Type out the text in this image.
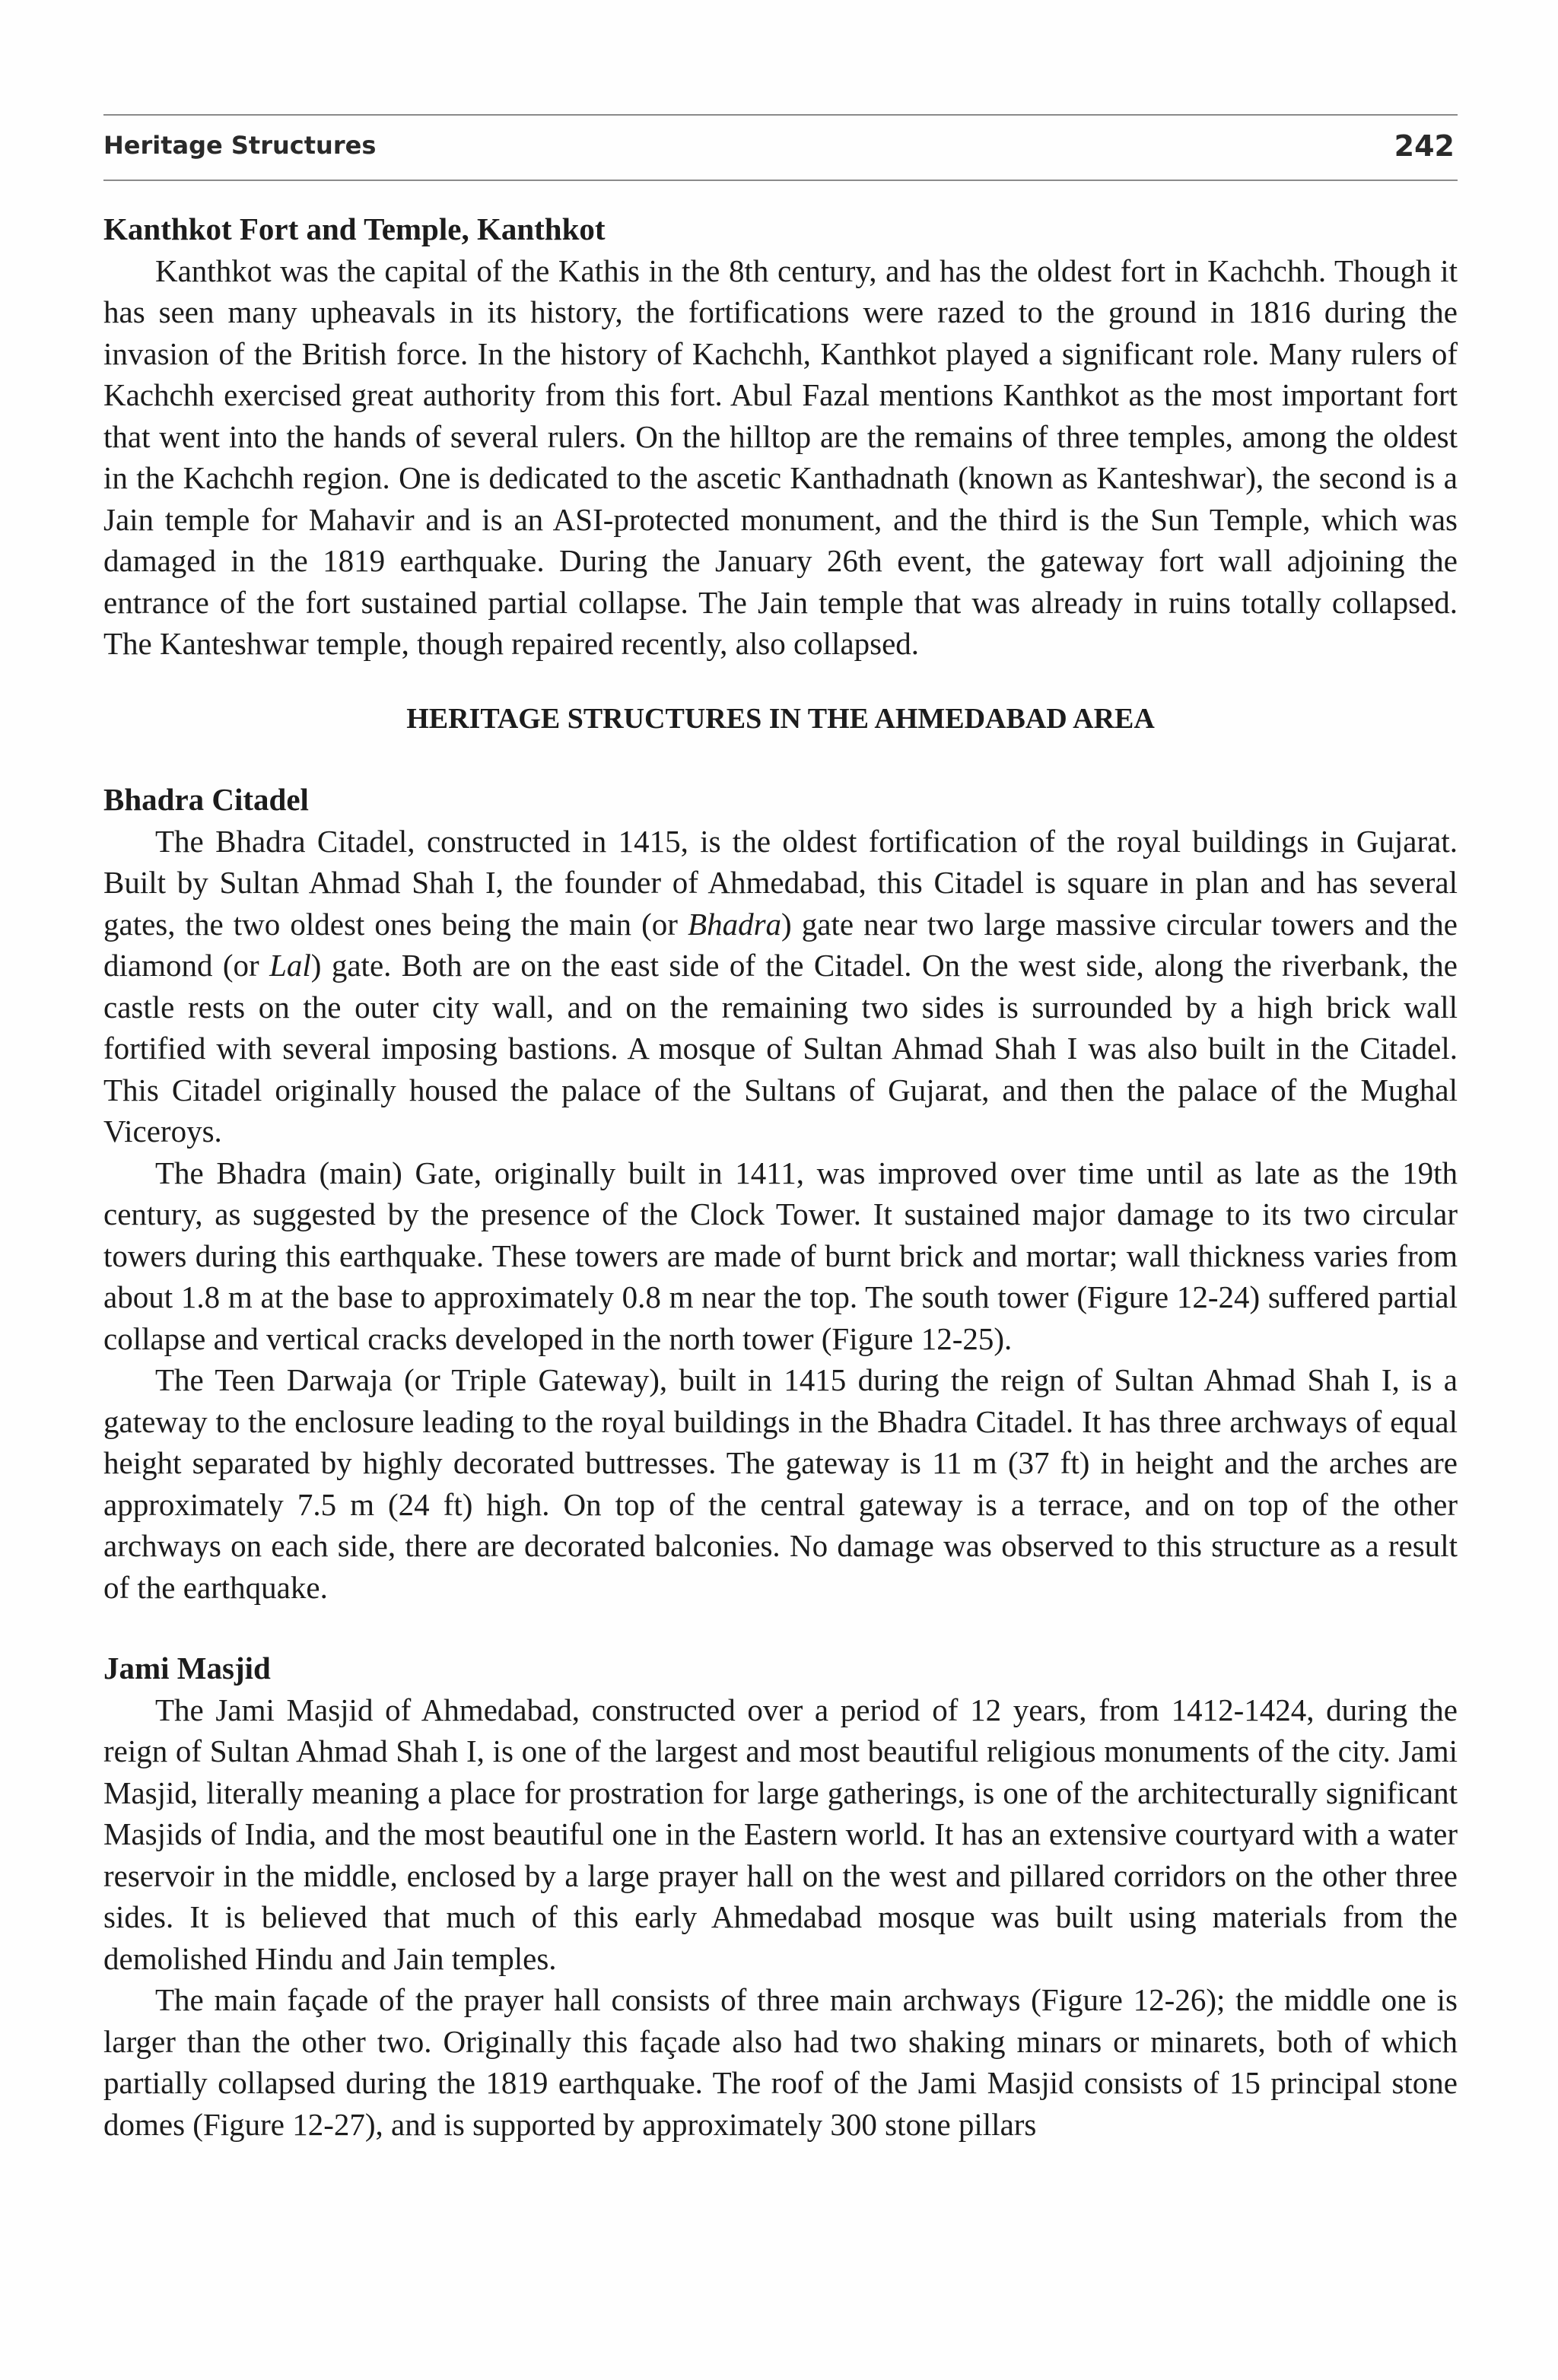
Heritage Structures	242
Kanthkot Fort and Temple, Kanthkot

Kanthkot was the capital of the Kathis in the 8th century, and has the oldest fort in Kachchh. Though it has seen many upheavals in its history, the fortifications were razed to the ground in 1816 during the invasion of the British force. In the history of Kachchh, Kanthkot played a significant role. Many rulers of Kachchh exercised great authority from this fort. Abul Fazal mentions Kanthkot as the most important fort that went into the hands of several rulers. On the hilltop are the remains of three temples, among the oldest in the Kachchh region. One is dedicated to the ascetic Kanthadnath (known as Kanteshwar), the second is a Jain temple for Mahavir and is an ASI-protected monument, and the third is the Sun Temple, which was damaged in the 1819 earthquake. During the January 26th event, the gateway fort wall adjoining the entrance of the fort sustained partial collapse. The Jain temple that was already in ruins totally collapsed. The Kanteshwar temple, though repaired recently, also collapsed.

HERITAGE STRUCTURES IN THE AHMEDABAD AREA
Bhadra Citadel

The Bhadra Citadel, constructed in 1415, is the oldest fortification of the royal buildings in Gujarat. Built by Sultan Ahmad Shah I, the founder of Ahmedabad, this Citadel is square in plan and has several gates, the two oldest ones being the main (or Bhadra) gate near two large massive circular towers and the diamond (or Lal) gate. Both are on the east side of the Citadel. On the west side, along the riverbank, the castle rests on the outer city wall, and on the remaining two sides is surrounded by a high brick wall fortified with several imposing bastions. A mosque of Sultan Ahmad Shah I was also built in the Citadel. This Citadel originally housed the palace of the Sultans of Gujarat, and then the palace of the Mughal Viceroys.

The Bhadra (main) Gate, originally built in 1411, was improved over time until as late as the 19th century, as suggested by the presence of the Clock Tower. It sustained major damage to its two circular towers during this earthquake. These towers are made of burnt brick and mortar; wall thickness varies from about 1.8 m at the base to approximately 0.8 m near the top. The south tower (Figure 12-24) suffered partial collapse and vertical cracks developed in the north tower (Figure 12-25).

The Teen Darwaja (or Triple Gateway), built in 1415 during the reign of Sultan Ahmad Shah I, is a gateway to the enclosure leading to the royal buildings in the Bhadra Citadel. It has three archways of equal height separated by highly decorated buttresses. The gateway is 11 m (37 ft) in height and the arches are approximately 7.5 m (24 ft) high. On top of the central gateway is a terrace, and on top of the other archways on each side, there are decorated balconies. No damage was observed to this structure as a result of the earthquake.

Jami Masjid

The Jami Masjid of Ahmedabad, constructed over a period of 12 years, from 1412-1424, during the reign of Sultan Ahmad Shah I, is one of the largest and most beautiful religious monuments of the city. Jami Masjid, literally meaning a place for prostration for large gatherings, is one of the architecturally significant Masjids of India, and the most beautiful one in the Eastern world. It has an extensive courtyard with a water reservoir in the middle, enclosed by a large prayer hall on the west and pillared corridors on the other three sides. It is believed that much of this early Ahmedabad mosque was built using materials from the demolished Hindu and Jain temples.

The main façade of the prayer hall consists of three main archways (Figure 12-26); the middle one is larger than the other two. Originally this façade also had two shaking minars or minarets, both of which partially collapsed during the 1819 earthquake. The roof of the Jami Masjid consists of 15 principal stone domes (Figure 12-27), and is supported by approximately 300 stone pillars
